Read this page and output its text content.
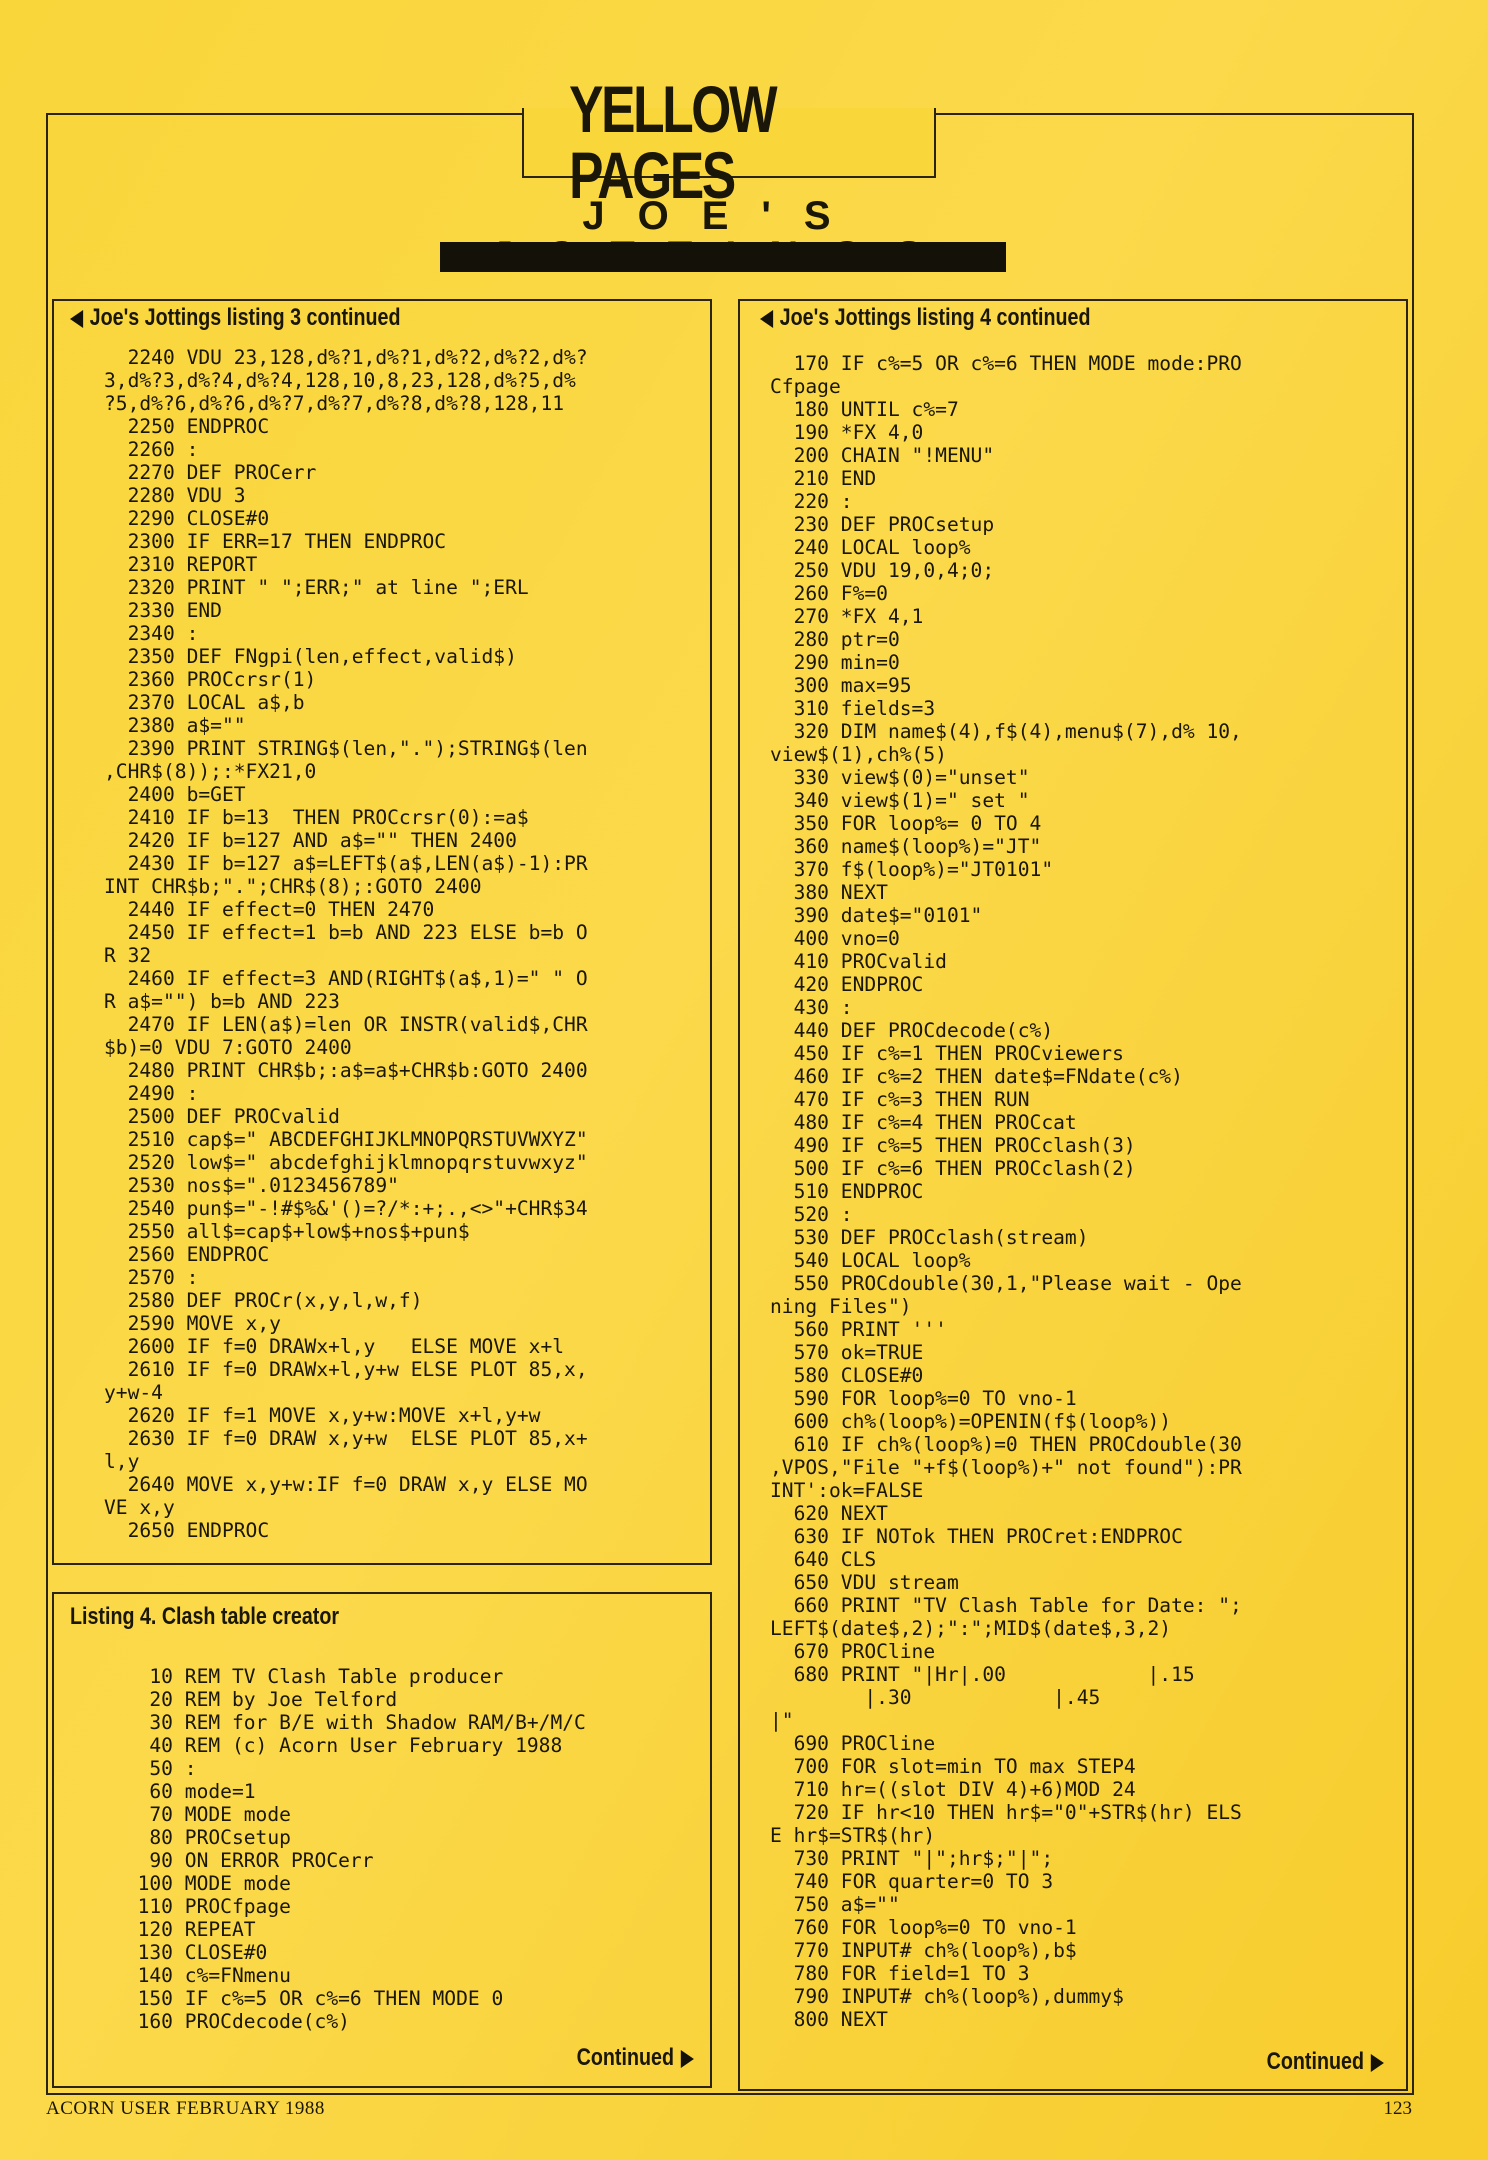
YELLOW PAGES
JOE'S
Joe's Jottings listing 3 continued
2240 VDU 23,128,d%?1,d%?1,d%?2,d%?2,d%?
3,d%?3,d%?4,d%?4,128,10,8,23,128,d%?5,d%
?5,d%?6,d%?6,d%?7,d%?7,d%?8,d%?8,128,11
2250 ENDPROC
2260 :
2270 DEF PROCerr
2280 VDU 3
2290 CLOSE#0
2300 IF ERR=17 THEN ENDPROC
2310 REPORT
2320 PRINT " ";ERR;" at line ";ERL
2330 END
2340 :
2350 DEF FNgpi(len,effect,valid$)
2360 PROCcrsr(1)
2370 LOCAL a$,b
2380 a$=""
2390 PRINT STRING$(len,".");STRING$(len
,CHR$(8));:*FX21,0
2400 b=GET
2410 IF b=13  THEN PROCcrsr(0):=a$
2420 IF b=127 AND a$="" THEN 2400
2430 IF b=127 a$=LEFT$(a$,LEN(a$)-1):PR
INT CHR$b;".";CHR$(8);:GOTO 2400
2440 IF effect=0 THEN 2470
2450 IF effect=1 b=b AND 223 ELSE b=b O
R 32
2460 IF effect=3 AND(RIGHT$(a$,1)=" " O
R a$="") b=b AND 223
2470 IF LEN(a$)=len OR INSTR(valid$,CHR
$b)=0 VDU 7:GOTO 2400
2480 PRINT CHR$b;:a$=a$+CHR$b:GOTO 2400
2490 :
2500 DEF PROCvalid
2510 cap$=" ABCDEFGHIJKLMNOPQRSTUVWXYZ"
2520 low$=" abcdefghijklmnopqrstuvwxyz"
2530 nos$=".0123456789"
2540 pun$="-!#$%&'()=?/*:+;.,<>"+CHR$34
2550 all$=cap$+low$+nos$+pun$
2560 ENDPROC
2570 :
2580 DEF PROCr(x,y,l,w,f)
2590 MOVE x,y
2600 IF f=0 DRAWx+l,y   ELSE MOVE x+l
2610 IF f=0 DRAWx+l,y+w ELSE PLOT 85,x,
y+w-4
2620 IF f=1 MOVE x,y+w:MOVE x+l,y+w
2630 IF f=0 DRAW x,y+w  ELSE PLOT 85,x+
l,y
2640 MOVE x,y+w:IF f=0 DRAW x,y ELSE MO
VE x,y
2650 ENDPROC
Listing 4. Clash table creator
10 REM TV Clash Table producer
20 REM by Joe Telford
30 REM for B/E with Shadow RAM/B+/M/C
40 REM (c) Acorn User February 1988
50 :
60 mode=1
70 MODE mode
80 PROCsetup
90 ON ERROR PROCerr
100 MODE mode
110 PROCfpage
120 REPEAT
130 CLOSE#0
140 c%=FNmenu
150 IF c%=5 OR c%=6 THEN MODE 0
160 PROCdecode(c%)
Continued
Joe's Jottings listing 4 continued
170 IF c%=5 OR c%=6 THEN MODE mode:PRO
Cfpage
180 UNTIL c%=7
190 *FX 4,0
200 CHAIN "!MENU"
210 END
220 :
230 DEF PROCsetup
240 LOCAL loop%
250 VDU 19,0,4;0;
260 F%=0
270 *FX 4,1
280 ptr=0
290 min=0
300 max=95
310 fields=3
320 DIM name$(4),f$(4),menu$(7),d% 10,
view$(1),ch%(5)
330 view$(0)="unset"
340 view$(1)=" set "
350 FOR loop%= 0 TO 4
360 name$(loop%)="JT"
370 f$(loop%)="JT0101"
380 NEXT
390 date$="0101"
400 vno=0
410 PROCvalid
420 ENDPROC
430 :
440 DEF PROCdecode(c%)
450 IF c%=1 THEN PROCviewers
460 IF c%=2 THEN date$=FNdate(c%)
470 IF c%=3 THEN RUN
480 IF c%=4 THEN PROCcat
490 IF c%=5 THEN PROCclash(3)
500 IF c%=6 THEN PROCclash(2)
510 ENDPROC
520 :
530 DEF PROCclash(stream)
540 LOCAL loop%
550 PROCdouble(30,1,"Please wait - Ope
ning Files")
560 PRINT '''
570 ok=TRUE
580 CLOSE#0
590 FOR loop%=0 TO vno-1
600 ch%(loop%)=OPENIN(f$(loop%))
610 IF ch%(loop%)=0 THEN PROCdouble(30
,VPOS,"File "+f$(loop%)+" not found"):PR
INT':ok=FALSE
620 NEXT
630 IF NOTok THEN PROCret:ENDPROC
640 CLS
650 VDU stream
660 PRINT "TV Clash Table for Date: ";
LEFT$(date$,2);":";MID$(date$,3,2)
670 PROCline
680 PRINT "|Hr|.00            |.15
|.30            |.45
|"
690 PROCline
700 FOR slot=min TO max STEP4
710 hr=((slot DIV 4)+6)MOD 24
720 IF hr<10 THEN hr$="0"+STR$(hr) ELS
E hr$=STR$(hr)
730 PRINT "|";hr$;"|";
740 FOR quarter=0 TO 3
750 a$=""
760 FOR loop%=0 TO vno-1
770 INPUT# ch%(loop%),b$
780 FOR field=1 TO 3
790 INPUT# ch%(loop%),dummy$
800 NEXT
Continued
ACORN USER FEBRUARY 1988	123
